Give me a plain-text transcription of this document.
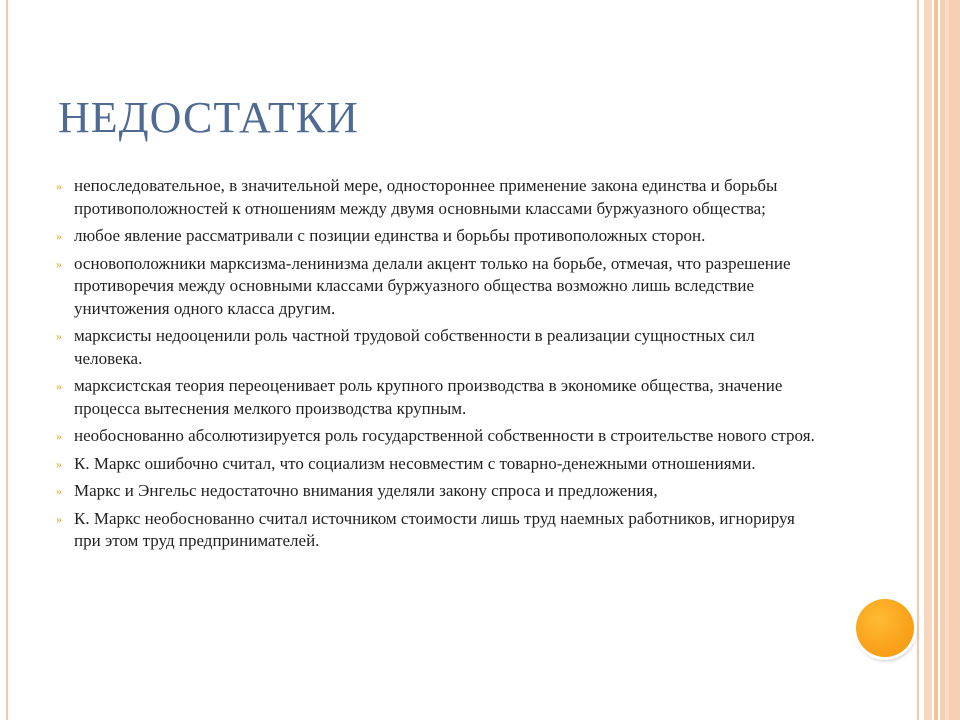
НЕДОСТАТКИ
» непоследовательное, в значительной мере, одностороннее применение закона единства и борьбы противоположностей к отношениям между двумя основными классами буржуазного общества;
» любое явление рассматривали с позиции единства и борьбы противоположных сторон.
» основоположники марксизма-ленинизма делали акцент только на борьбе, отмечая, что разрешение противоречия между основными классами буржуазного общества возможно лишь вследствие уничтожения одного класса другим.
» марксисты недооценили роль частной трудовой собственности в реализации сущностных сил человека.
» марксистская теория переоценивает роль крупного производства в экономике общества, значение процесса вытеснения мелкого производства крупным.
» необоснованно абсолютизируется роль государственной собственности в строительстве нового строя.
» К. Маркс ошибочно считал, что социализм несовместим с товарно-денежными отношениями.
» Маркс и Энгельс недостаточно внимания уделяли закону спроса и предложения,
» К. Маркс необоснованно считал источником стоимости лишь труд наемных работников, игнорируя при этом труд предпринимателей.
